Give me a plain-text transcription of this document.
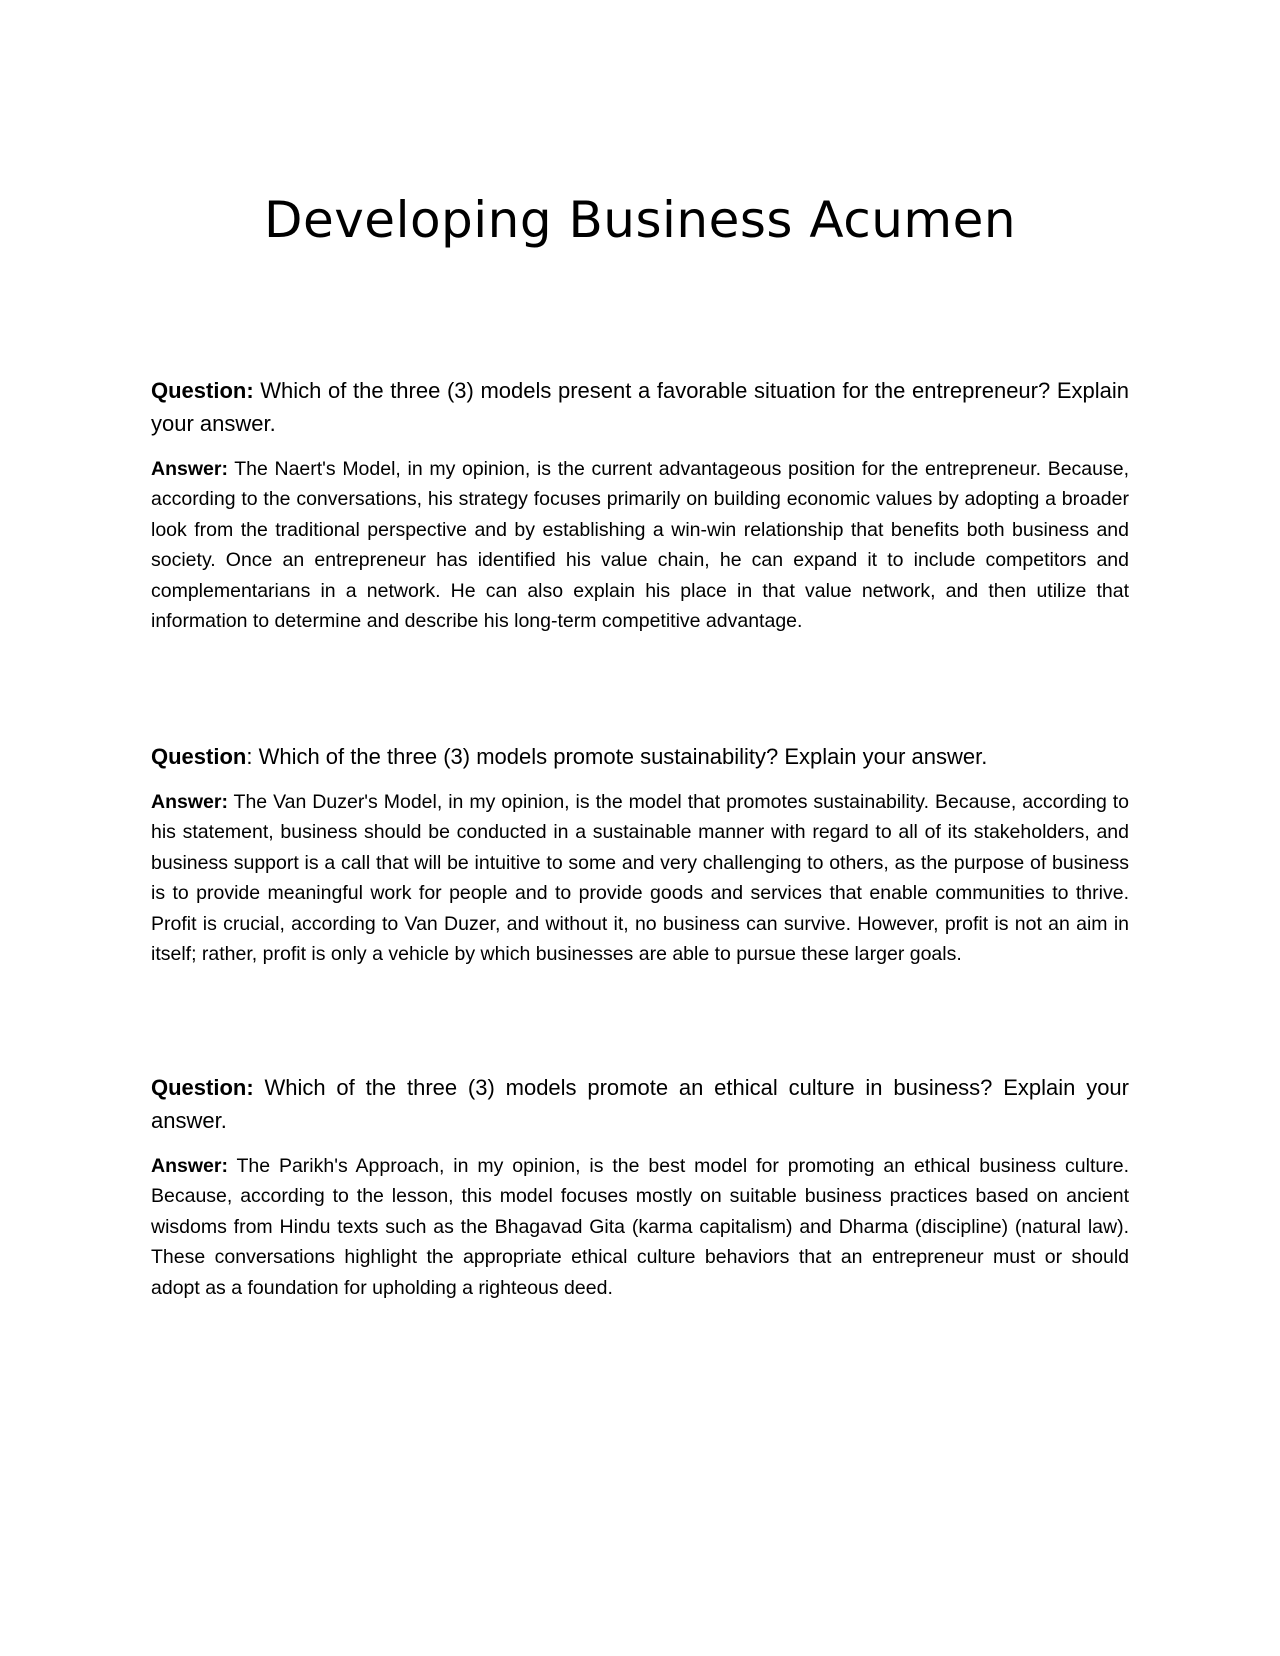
Developing Business Acumen

Question: Which of the three (3) models present a favorable situation for the entrepreneur? Explain your answer.

Answer: The Naert's Model, in my opinion, is the current advantageous position for the entrepreneur. Because, according to the conversations, his strategy focuses primarily on building economic values by adopting a broader look from the traditional perspective and by establishing a win-win relationship that benefits both business and society. Once an entrepreneur has identified his value chain, he can expand it to include competitors and complementarians in a network. He can also explain his place in that value network, and then utilize that information to determine and describe his long-term competitive advantage.

Question: Which of the three (3) models promote sustainability? Explain your answer.

Answer: The Van Duzer's Model, in my opinion, is the model that promotes sustainability. Because, according to his statement, business should be conducted in a sustainable manner with regard to all of its stakeholders, and business support is a call that will be intuitive to some and very challenging to others, as the purpose of business is to provide meaningful work for people and to provide goods and services that enable communities to thrive. Profit is crucial, according to Van Duzer, and without it, no business can survive. However, profit is not an aim in itself; rather, profit is only a vehicle by which businesses are able to pursue these larger goals.

Question: Which of the three (3) models promote an ethical culture in business? Explain your answer.

Answer: The Parikh's Approach, in my opinion, is the best model for promoting an ethical business culture. Because, according to the lesson, this model focuses mostly on suitable business practices based on ancient wisdoms from Hindu texts such as the Bhagavad Gita (karma capitalism) and Dharma (discipline) (natural law). These conversations highlight the appropriate ethical culture behaviors that an entrepreneur must or should adopt as a foundation for upholding a righteous deed.
